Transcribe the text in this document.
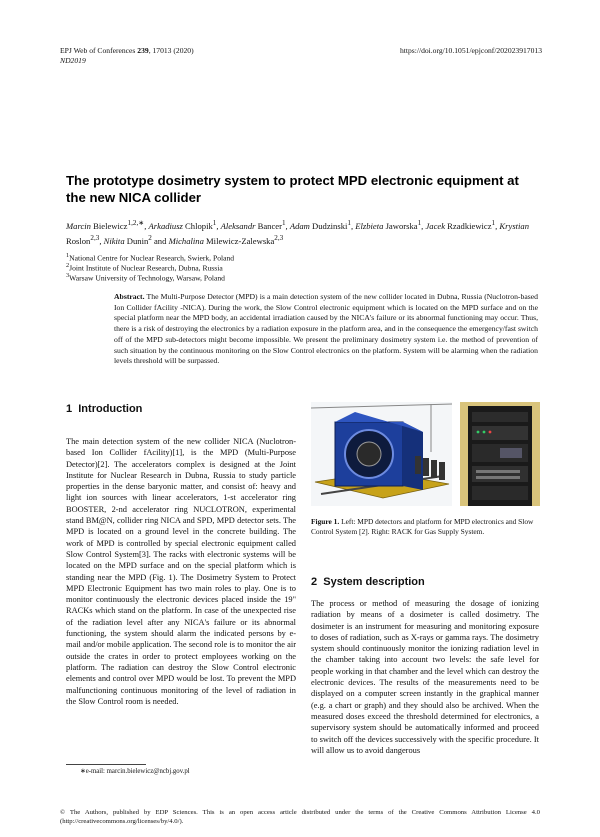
EPJ Web of Conferences 239, 17013 (2020)
ND2019
https://doi.org/10.1051/epjconf/202023917013
The prototype dosimetry system to protect MPD electronic equipment at the new NICA collider
Marcin Bielewicz$^{1,2,∗}$, Arkadiusz Chlopik$^1$, Aleksandr Bancer$^1$, Adam Dudzinski$^1$, Elzbieta Jaworska$^1$, Jacek Rzadkiewicz$^1$, Krystian Roslon$^{2,3}$, Nikita Dunin$^2$ and Michalina Milewicz-Zalewska$^{2,3}$
$^1$National Centre for Nuclear Research, Swierk, Poland
$^2$Joint Institute of Nuclear Research, Dubna, Russia
$^3$Warsaw University of Technology, Warsaw, Poland
Abstract. The Multi-Purpose Detector (MPD) is a main detection system of the new collider located in Dubna, Russia (Nuclotron-based Ion Collider fAcility -NICA). During the work, the Slow Control electronic equipment which is located on the MPD surface and on the special platform near the MPD body, an accidental irradiation caused by the NICA's failure or its abnormal functioning may occur. Thus, there is a risk of destroying the electronics by a radiation exposure in the platform area, and in the consequence the emergency/fast switch off of the MPD sub-detectors might become impossible. We present the preliminary dosimetry system i.e. the method of prevention of such situation by the continuous monitoring on the Slow Control electronics on the platform. System will be alarming when the radiation levels threshold will be surpassed.
1 Introduction
The main detection system of the new collider NICA (Nuclotron-based Ion Collider fAcility)[1], is the MPD (Multi-Purpose Detector)[2]. The accelerators complex is designed at the Joint Institute for Nuclear Research in Dubna, Russia to study particle properties in the dense baryonic matter, and consist of: heavy and light ion sources with linear accelerators, 1-st accelerator ring BOOSTER, 2-nd accelerator ring NUCLOTRON, experimental stand BM@N, collider ring NICA and SPD, MPD detector sets. The MPD is located on a ground level in the concrete building. The work of MPD is controlled by special electronic equipment called Slow Control System[3]. The racks with electronic systems will be located on the MPD surface and on the special platform which is standing near the MPD (Fig. 1). The Dosimetry System to Protect MPD Electronic Equipment has two main roles to play. One is to monitor continuously the electronic devices placed inside the 19" RACKs which stand on the platform. In case of the unexpected rise of the radiation level after any NICA's failure or its abnormal functioning, the system should alarm the indicated persons by e-mail and/or mobile application. The second role is to monitor the air outside the crates in order to protect employees working on the platform. The radiation can destroy the Slow Control electronic elements and control over MPD would be lost. To prevent the MPD malfunctioning continuous monitoring of the level of radiation in the Slow Control room is needed.
Figure 1. Left: MPD detectors and platform for MPD electronics and Slow Control System [2]. Right: RACK for Gas Supply System.
2 System description
The process or method of measuring the dosage of ionizing radiation by means of a dosimeter is called dosimetry. The dosimeter is an instrument for measuring and monitoring exposure to doses of radiation, such as X-rays or gamma rays. The dosimetry system should continuously monitor the ionizing radiation level in the chamber taking into account two levels: the safe level for people working in that chamber and the level which can destroy the electronic devices. The results of the measurements need to be displayed on a computer screen instantly in the graphical manner (e.g. a chart or graph) and they should also be archived. When the measured doses exceed the threshold determined for electronics, a supervisory system should be automatically informed and proceed to switch off the devices successively with the specific procedure. It will allow us to avoid dangerous
∗e-mail: marcin.bielewicz@ncbj.gov.pl
© The Authors, published by EDP Sciences. This is an open access article distributed under the terms of the Creative Commons Attribution License 4.0 (http://creativecommons.org/licenses/by/4.0/).
